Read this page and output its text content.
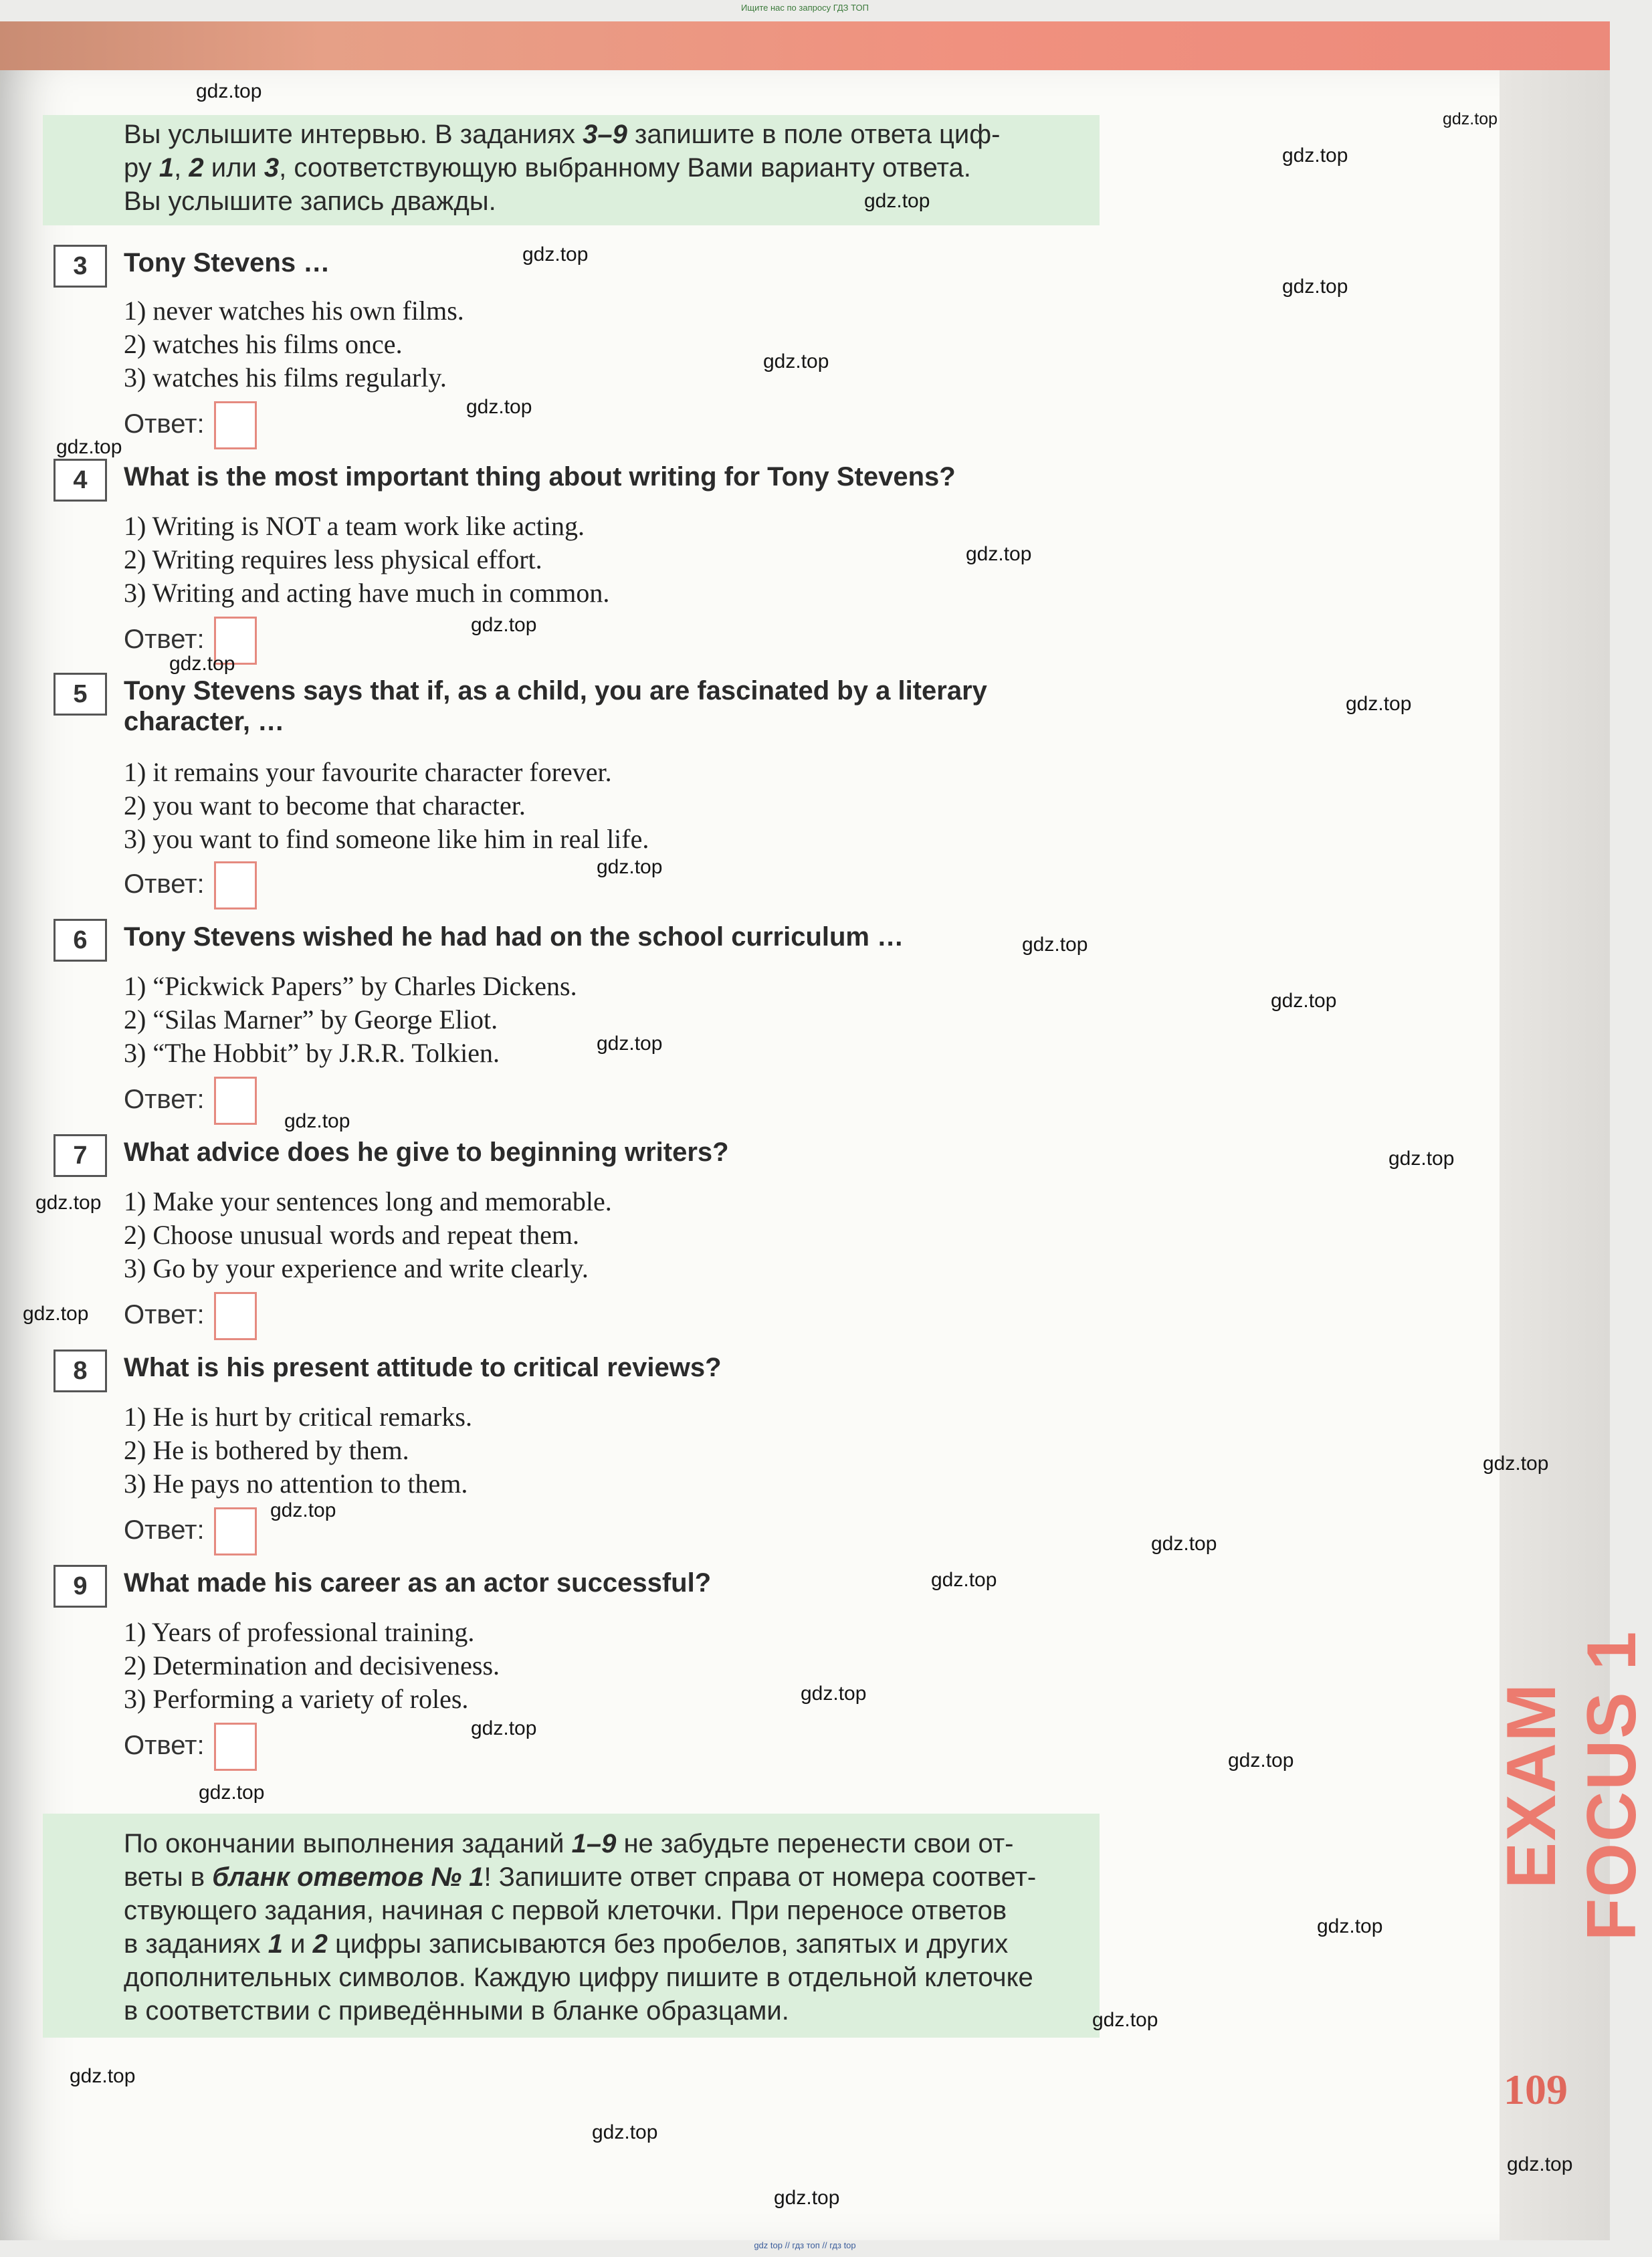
Ищите нас по запросу ГДЗ ТОП
Вы услышите интервью. В заданиях 3–9 запишите в поле ответа циф-
ру 1, 2 или 3, соответствующую выбранному Вами варианту ответа.
Вы услышите запись дважды.
3	Tony Stevens …
1) never watches his own films.
2) watches his films once.
3) watches his films regularly.
Ответ:
4	What is the most important thing about writing for Tony Stevens?
1) Writing is NOT a team work like acting.
2) Writing requires less physical effort.
3) Writing and acting have much in common.
Ответ:
5	Tony Stevens says that if, as a child, you are fascinated by a literary character, …
1) it remains your favourite character forever.
2) you want to become that character.
3) you want to find someone like him in real life.
Ответ:
6	Tony Stevens wished he had had on the school curriculum …
1) “Pickwick Papers” by Charles Dickens.
2) “Silas Marner” by George Eliot.
3) “The Hobbit” by J.R.R. Tolkien.
Ответ:
7	What advice does he give to beginning writers?
1) Make your sentences long and memorable.
2) Choose unusual words and repeat them.
3) Go by your experience and write clearly.
Ответ:
8	What is his present attitude to critical reviews?
1) He is hurt by critical remarks.
2) He is bothered by them.
3) He pays no attention to them.
Ответ:
9	What made his career as an actor successful?
1) Years of professional training.
2) Determination and decisiveness.
3) Performing a variety of roles.
Ответ:
По окончании выполнения заданий 1–9 не забудьте перенести свои от-
веты в бланк ответов № 1! Запишите ответ справа от номера соответ-
ствующего задания, начиная с первой клеточки. При переносе ответов
в заданиях 1 и 2 цифры записываются без пробелов, запятых и других
дополнительных символов. Каждую цифру пишите в отдельной клеточке
в соответствии с приведёнными в бланке образцами.
EXAM FOCUS 1
109
gdz.top
gdz.top
gdz.top
gdz.top
gdz.top
gdz.top
gdz.top
gdz.top
gdz.top
gdz.top
gdz.top
gdz.top
gdz.top
gdz.top
gdz.top
gdz.top
gdz.top
gdz.top
gdz.top
gdz.top
gdz.top
gdz.top
gdz.top
gdz.top
gdz.top
gdz.top
gdz.top
gdz.top
gdz.top
gdz.top
gdz.top
gdz.top
gdz.top
gdz.top
gdz.top
gdz top // гдз топ // гдз top
